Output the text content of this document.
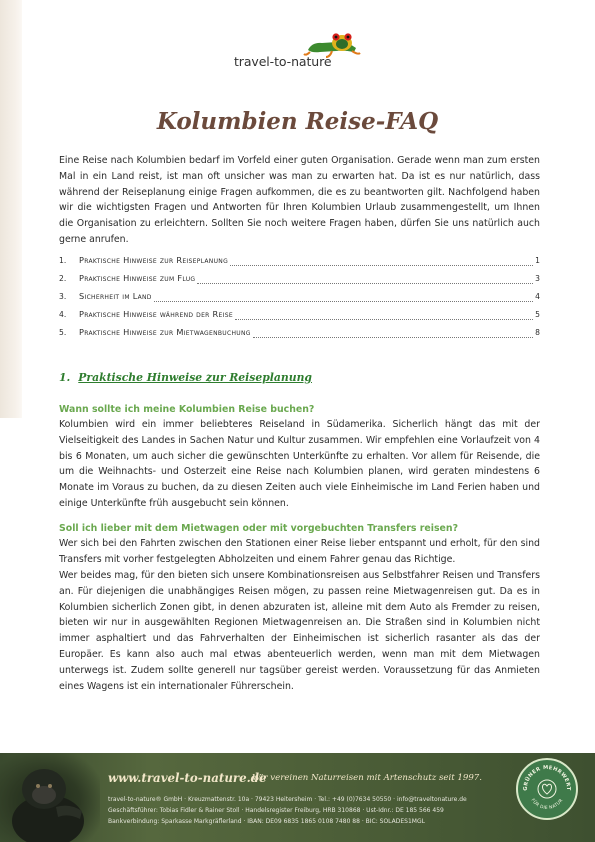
travel-to-nature
Kolumbien Reise-FAQ

Eine Reise nach Kolumbien bedarf im Vorfeld einer guten Organisation. Gerade wenn man zum ersten Mal in ein Land reist, ist man oft unsicher was man zu erwarten hat. Da ist es nur natürlich, dass während der Reiseplanung einige Fragen aufkommen, die es zu beantworten gilt. Nachfolgend haben wir die wichtigsten Fragen und Antworten für Ihren Kolumbien Urlaub zusammengestellt, um Ihnen die Organisation zu erleichtern. Sollten Sie noch weitere Fragen haben, dürfen Sie uns natürlich auch gerne anrufen.

1.	Praktische Hinweise zur Reiseplanung	1
2.	Praktische Hinweise zum Flug	3
3.	Sicherheit im Land	4
4.	Praktische Hinweise während der Reise	5
5.	Praktische Hinweise zur Mietwagenbuchung	8
1. Praktische Hinweise zur Reiseplanung
Wann sollte ich meine Kolumbien Reise buchen?

Kolumbien wird ein immer beliebteres Reiseland in Südamerika. Sicherlich hängt das mit der Vielseitigkeit des Landes in Sachen Natur und Kultur zusammen. Wir empfehlen eine Vorlaufzeit von 4 bis 6 Monaten, um auch sicher die gewünschten Unterkünfte zu erhalten. Vor allem für Reisende, die um die Weihnachts- und Osterzeit eine Reise nach Kolumbien planen, wird geraten mindestens 6 Monate im Voraus zu buchen, da zu diesen Zeiten auch viele Einheimische im Land Ferien haben und einige Unterkünfte früh ausgebucht sein können.

Soll ich lieber mit dem Mietwagen oder mit vorgebuchten Transfers reisen?

Wer sich bei den Fahrten zwischen den Stationen einer Reise lieber entspannt und erholt, für den sind Transfers mit vorher festgelegten Abholzeiten und einem Fahrer genau das Richtige.

Wer beides mag, für den bieten sich unsere Kombinationsreisen aus Selbstfahrer Reisen und Transfers an. Für diejenigen die unabhängiges Reisen mögen, zu passen reine Mietwagenreisen gut. Da es in Kolumbien sicherlich Zonen gibt, in denen abzuraten ist, alleine mit dem Auto als Fremder zu reisen, bieten wir nur in ausgewählten Regionen Mietwagenreisen an. Die Straßen sind in Kolumbien nicht immer asphaltiert und das Fahrverhalten der Einheimischen ist sicherlich rasanter als das der Europäer. Es kann also auch mal etwas abenteuerlich werden, wenn man mit dem Mietwagen unterwegs ist. Zudem sollte generell nur tagsüber gereist werden. Voraussetzung für das Anmieten eines Wagens ist ein internationaler Führerschein.

www.travel-to-nature.de
Wir vereinen Naturreisen mit Artenschutz seit 1997.
travel-to-nature® GmbH · Kreuzmattenstr. 10a · 79423 Heitersheim · Tel.: +49 (0)7634 50550 · info@traveltonature.de
Geschäftsführer: Tobias Fidler & Rainer Stoll · Handelsregister Freiburg, HRB 310868 · Ust-Idnr.: DE 185 566 459
Bankverbindung: Sparkasse Markgräflerland · IBAN: DE09 6835 1865 0108 7480 88 · BIC: SOLADES1MGL
GRÜNER MEHRWERT
FÜR DIE NATUR
